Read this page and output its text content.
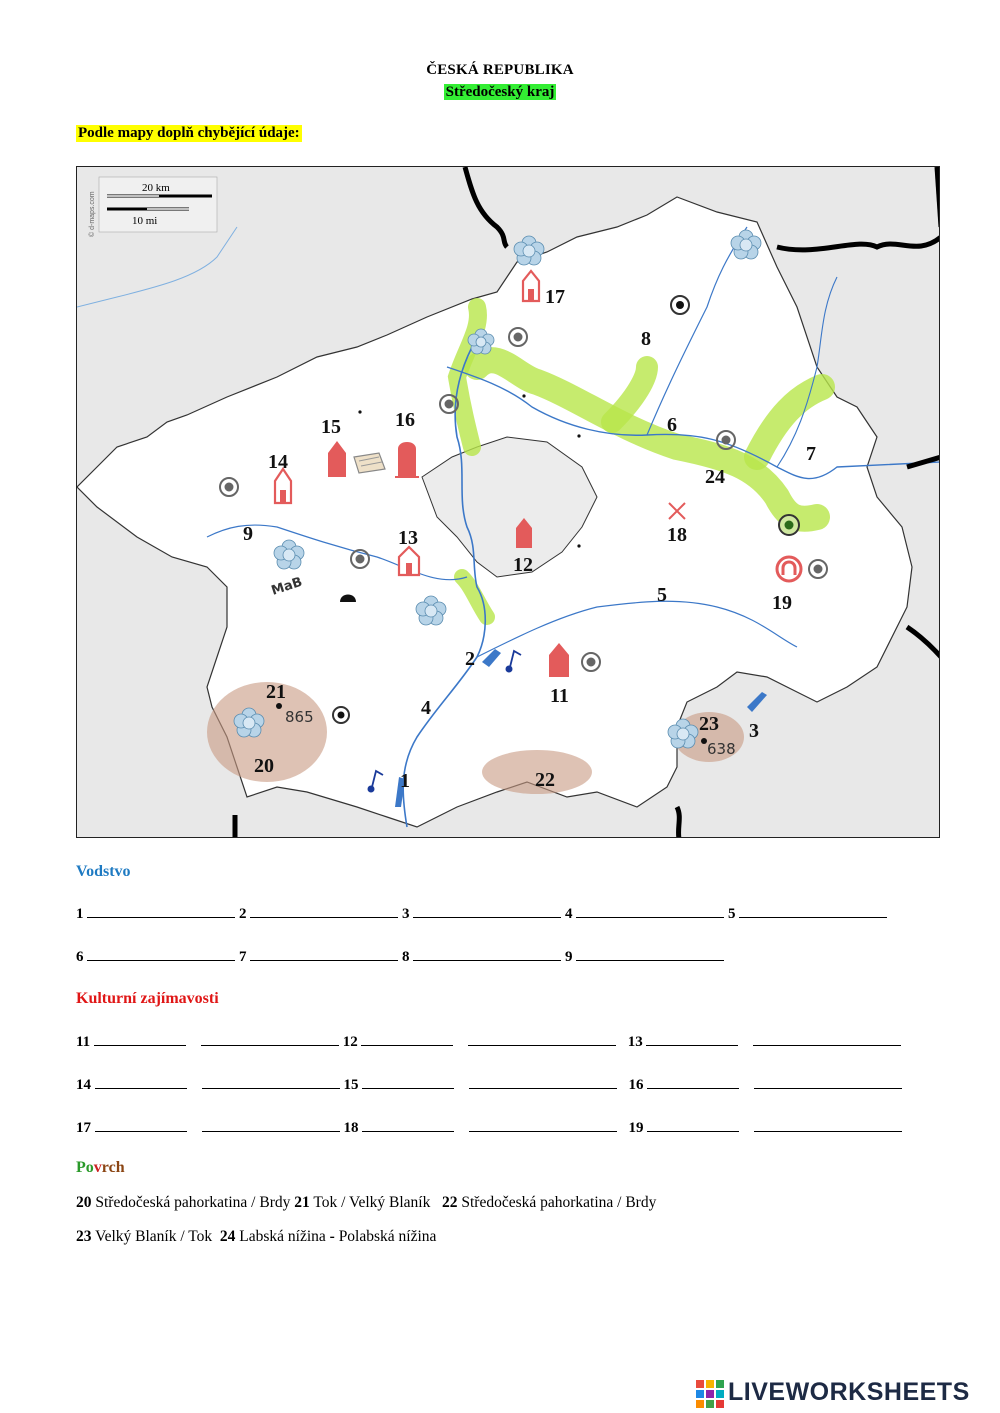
ČESKÁ REPUBLIKA
Středočeský kraj
Podle mapy doplň chybějící údaje:
20 km
10 mi
© d-maps.com
865
638
MaB
1
2
3
4
5
6
7
8
9
11
12
13
14
15	16
17
18
19
20
21
22
23
24
Vodstvo
1	2	3	4	5
6	7	8	9
Kulturní zajímavosti
11	12	13
14	15	16
17	18	19
Povrch
20 Středočeská pahorkatina / Brdy 21 Tok / Velký Blaník   22 Středočeská pahorkatina / Brdy
23 Velký Blaník / Tok  24 Labská nížina - Polabská nížina
LIVEWORKSHEETS
